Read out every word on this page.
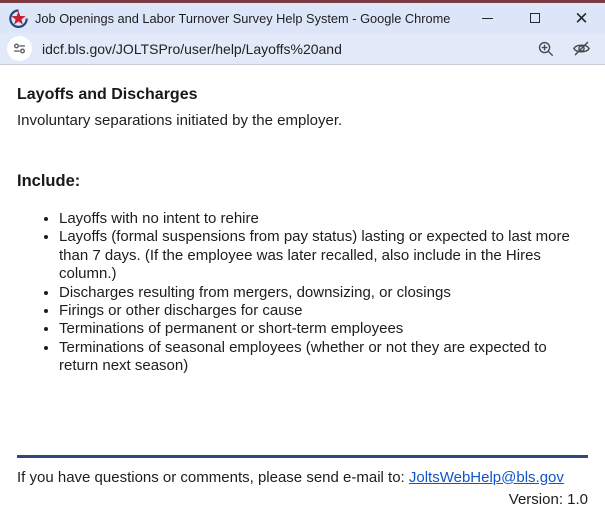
Job Openings and Labor Turnover Survey Help System - Google Chrome	✕
idcf.bls.gov/JOLTSPro/user/help/Layoffs%20and
Layoffs and Discharges

Involuntary separations initiated by the employer.

Include:
• Layoffs with no intent to rehire
• Layoffs (formal suspensions from pay status) lasting or expected to last more than 7 days. (If the employee was later recalled, also include in the Hires column.)
• Discharges resulting from mergers, downsizing, or closings
• Firings or other discharges for cause
• Terminations of permanent or short-term employees
• Terminations of seasonal employees (whether or not they are expected to return next season)

If you have questions or comments, please send e-mail to: JoltsWebHelp@bls.gov

Version: 1.0
